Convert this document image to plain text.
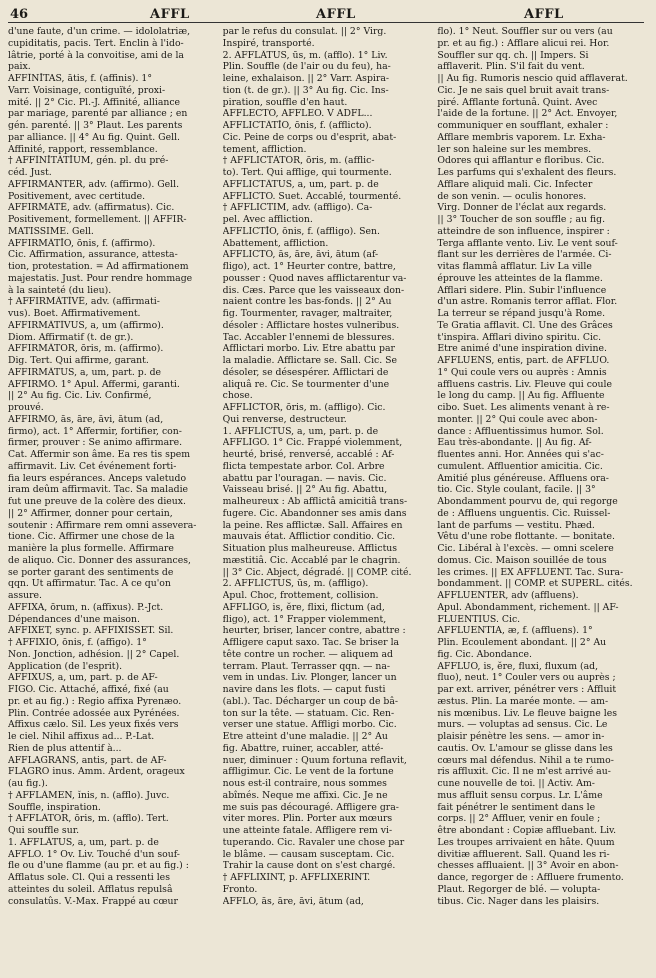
46	AFFL	AFFL	AFFL
d'une faute, d'un crime. — idololatriæ,
cupiditatis, pacis. Tert. Enclin à l'ido-
lâtrie, porté à la convoitise, ami de la
paix.
AFFĪNĬTAS, ātis, f. (affinis). 1°
Varr. Voisinage, contiguïté, proxi-
mité. || 2° Cic. Pl.-J. Affinité, alliance
par mariage, parenté par alliance ; en
gén. parenté. || 3° Plaut. Les parents
par alliance. || 4° Au fig. Quint. Gell.
Affinité, rapport, ressemblance.
† AFFĪNĬTĀTĬUM, gén. pl. du pré-
céd. Just.
AFFIRMANTER, adv. (affirmo). Gell.
Positivement, avec certitude.
AFFIRMĀTĒ, adv. (affirmatus). Cic.
Positivement, formellement. || AFFIR-
MATISSIME. Gell.
AFFIRMĀTĬO, ōnis, f. (affirmo).
Cic. Affirmation, assurance, attesta-
tion, protestation. = Ad affirmationem
majestatis. Just. Pour rendre hommage
à la sainteté (du lieu).
† AFFIRMĀTĪVĒ, adv. (affirmati-
vus). Boet. Affirmativement.
AFFIRMĀTĪVUS, a, um (affirmo).
Diom. Affirmatif (t. de gr.).
AFFIRMĀTOR, ōris, m. (affirmo).
Dig. Tert. Qui affirme, garant.
AFFIRMĀTUS, a, um, part. p. de
AFFIRMO. 1° Apul. Affermi, garanti.
|| 2° Au fig. Cic. Liv. Confirmé,
prouvé.
AFFIRMO, ās, āre, āvi, ātum (ad,
firmo), act. 1° Affermir, fortifier, con-
firmer, prouver : Se animo affirmare.
Cat. Affermir son âme. Ea res tis spem
affirmavit. Liv. Cet événement forti-
fia leurs espérances. Anceps valetudo
iram deûm affirmavit. Tac. Sa maladie
fut une preuve de la colère des dieux.
|| 2° Affirmer, donner pour certain,
soutenir : Affirmare rem omni assevera-
tione. Cic. Affirmer une chose de la
manière la plus formelle. Affirmare
de aliquo. Cic. Donner des assurances,
se porter garant des sentiments de
qqn. Ut affirmatur. Tac. A ce qu'on
assure.
AFFIXA, ōrum, n. (affixus). P.-Jct.
Dépendances d'une maison.
AFFIXET, sync. p. AFFIXISSET. Sil.
† AFFIXIO, ōnis, f. (affigo). 1°
Non. Jonction, adhésion. || 2° Capel.
Application (de l'esprit).
AFFIXUS, a, um, part. p. de AF-
FIGO. Cic. Attaché, affixé, fixé (au
pr. et au fig.) : Regio affixa Pyrenæo.
Plin. Contrée adossée aux Pyrénées.
Affixus cælo. Sil. Les yeux fixés vers
le ciel. Nihil affixus ad... P.-Lat.
Rien de plus attentif à...
AFFLAGRANS, antis, part. de AF-
FLAGRO inus. Amm. Ardent, orageux
(au fig.).
† AFFLĀMEN, ĭnis, n. (afflo). Juvc.
Souffle, inspiration.
† AFFLĀTOR, ōris, m. (afflo). Tert.
Qui souffle sur.
1. AFFLĀTUS, a, um, part. p. de
AFFLO. 1° Ov. Liv. Touché d'un souf-
fle ou d'une flamme (au pr. et au fig.) :
Afflatus sole. Cl. Qui a ressenti les
atteintes du soleil. Afflatus repulsâ
consulatûs. V.-Max. Frappé au cœur
par le refus du consulat. || 2° Virg.
Inspiré, transporté.
2. AFFLĀTUS, ūs, m. (afflo). 1° Liv.
Plin. Souffle (de l'air ou du feu), ha-
leine, exhalaison. || 2° Varr. Aspira-
tion (t. de gr.). || 3° Au fig. Cic. Ins-
piration, souffle d'en haut.
AFFLECTO, AFFLEO. V ADFL...
AFFLICTĀTĬO, ōnis, f. (afflicto).
Cic. Peine de corps ou d'esprit, abat-
tement, affliction.
† AFFLICTĀTOR, ōris, m. (afflic-
to). Tert. Qui afflige, qui tourmente.
AFFLICTĀTUS, a, um, part. p. de
AFFLICTO. Suet. Accablé, tourmenté.
† AFFLICTIM, adv. (affligo). Ca-
pel. Avec affliction.
AFFLICTĬO, ōnis, f. (affligo). Sen.
Abattement, affliction.
AFFLICTO, ās, āre, āvi, ātum (af-
fligo), act. 1° Heurter contre, battre,
pousser : Quod naves afflictarentur va-
dis. Cæs. Parce que les vaisseaux don-
naient contre les bas-fonds. || 2° Au
fig. Tourmenter, ravager, maltraiter,
désoler : Afflictare hostes vulneribus.
Tac. Accabler l'ennemi de blessures.
Afflictari morbo. Liv. Etre abattu par
la maladie. Afflictare se. Sall. Cic. Se
désoler, se désespérer. Afflictari de
aliquâ re. Cic. Se tourmenter d'une
chose.
AFFLICTOR, ōris, m. (affligo). Cic.
Qui renverse, destructeur.
1. AFFLICTUS, a, um, part. p. de
AFFLIGO. 1° Cic. Frappé violemment,
heurté, brisé, renversé, accablé : Af-
flicta tempestate arbor. Col. Arbre
abattu par l'ouragan. — navis. Cic.
Vaisseau brisé. || 2° Au fig. Abattu,
malheureux : Ab afflictâ amicitiâ trans-
fugere. Cic. Abandonner ses amis dans
la peine. Res afflictæ. Sall. Affaires en
mauvais état. Afflictior conditio. Cic.
Situation plus malheureuse. Afflictus
mæstitiâ. Cic. Accablé par le chagrin.
|| 3° Cic. Abject, dégradé. || COMP. cité.
2. AFFLICTUS, ūs, m. (affligo).
Apul. Choc, frottement, collision.
AFFLĪGO, is, ĕre, flixi, flictum (ad,
fligo), act. 1° Frapper violemment,
heurter, briser, lancer contre, abattre :
Affligere caput saxo. Tac. Se briser la
tête contre un rocher. — aliquem ad
terram. Plaut. Terrasser qqn. — na-
vem in undas. Liv. Plonger, lancer un
navire dans les flots. — caput fusti
(abl.). Tac. Décharger un coup de bâ-
ton sur la tête. — statuam. Cic. Ren-
verser une statue. Affligi morbo. Cic.
Etre atteint d'une maladie. || 2° Au
fig. Abattre, ruiner, accabler, atté-
nuer, diminuer : Quum fortuna reflavit,
affligimur. Cic. Le vent de la fortune
nous est-il contraire, nous sommes
abîmés. Neque me affixi. Cic. Je ne
me suis pas découragé. Affligere gra-
viter mores. Plin. Porter aux mœurs
une atteinte fatale. Affligere rem vi-
tuperando. Cic. Ravaler une chose par
le blâme. — causam susceptam. Cic.
Trahir la cause dont on s'est chargé.
† AFFLIXINT, p. AFFLIXERINT.
Fronto.
AFFLO, ās, āre, āvi, ātum (ad,
flo). 1° Neut. Souffler sur ou vers (au
pr. et au fig.) : Afflare alicui rei. Hor.
Souffler sur qq. ch. || Impers. Si
afflaverit. Plin. S'il fait du vent.
|| Au fig. Rumoris nescio quid afflaverat.
Cic. Je ne sais quel bruit avait trans-
piré. Afflante fortunâ. Quint. Avec
l'aide de la fortune. || 2° Act. Envoyer,
communiquer en soufflant, exhaler :
Afflare membris vaporem. Lr. Exha-
ler son haleine sur les membres.
Odores qui afflantur e floribus. Cic.
Les parfums qui s'exhalent des fleurs.
Afflare aliquid mali. Cic. Infecter
de son venin. — oculis honores.
Virg. Donner de l'éclat aux regards.
|| 3° Toucher de son souffle ; au fig.
atteindre de son influence, inspirer :
Terga afflante vento. Liv. Le vent souf-
flant sur les derrières de l'armée. Ci-
vitas flammâ afflatur. Liv La ville
éprouve les atteintes de la flamme.
Afflari sidere. Plin. Subir l'influence
d'un astre. Romanis terror afflat. Flor.
La terreur se répand jusqu'à Rome.
Te Gratia afflavit. Cl. Une des Grâces
t'inspira. Afflari divino spiritu. Cic.
Etre animé d'une inspiration divine.
AFFLUENS, entis, part. de AFFLUO.
1° Qui coule vers ou auprès : Amnis
affluens castris. Liv. Fleuve qui coule
le long du camp. || Au fig. Affluente
cibo. Suet. Les aliments venant à re-
monter. || 2° Qui coule avec abon-
dance : Affluentissimus humor. Sol.
Eau très-abondante. || Au fig. Af-
fluentes anni. Hor. Années qui s'ac-
cumulent. Affluentior amicitia. Cic.
Amitié plus généreuse. Affluens ora-
tio. Cic. Style coulant, facile. || 3°
Abondamment pourvu de, qui regorge
de : Affluens unguentis. Cic. Ruissel-
lant de parfums — vestitu. Phæd.
Vêtu d'une robe flottante. — bonitate.
Cic. Libéral à l'excès. — omni scelere
domus. Cic. Maison souillée de tous
les crimes. || EX AFFLUENT. Tac. Sura-
bondamment. || COMP. et SUPERL. cités.
AFFLUENTER, adv (affluens).
Apul. Abondamment, richement. || AF-
FLUENTIUS. Cic.
AFFLUENTIA, æ, f. (affluens). 1°
Plin. Ecoulement abondant. || 2° Au
fig. Cic. Abondance.
AFFLUO, is, ĕre, fluxi, fluxum (ad,
fluo), neut. 1° Couler vers ou auprès ;
par ext. arriver, pénétrer vers : Affluit
æstus. Plin. La marée monte. — am-
nis mœnibus. Liv. Le fleuve baigne les
murs. — voluptas ad sensus. Cic. Le
plaisir pénètre les sens. — amor in-
cautis. Ov. L'amour se glisse dans les
cœurs mal défendus. Nihil a te rumo-
ris affluxit. Cic. Il ne m'est arrivé au-
cune nouvelle de toi. || Activ. Am-
mus affluit sensu corpus. Lr. L'âme
fait pénétrer le sentiment dans le
corps. || 2° Affluer, venir en foule ;
être abondant : Copiæ affluebant. Liv.
Les troupes arrivaient en hâte. Quum
divitiæ affluerent. Sall. Quand les ri-
chesses affluaient. || 3° Avoir en abon-
dance, regorger de : Affluere frumento.
Plaut. Regorger de blé. — volupta-
tibus. Cic. Nager dans les plaisirs.
